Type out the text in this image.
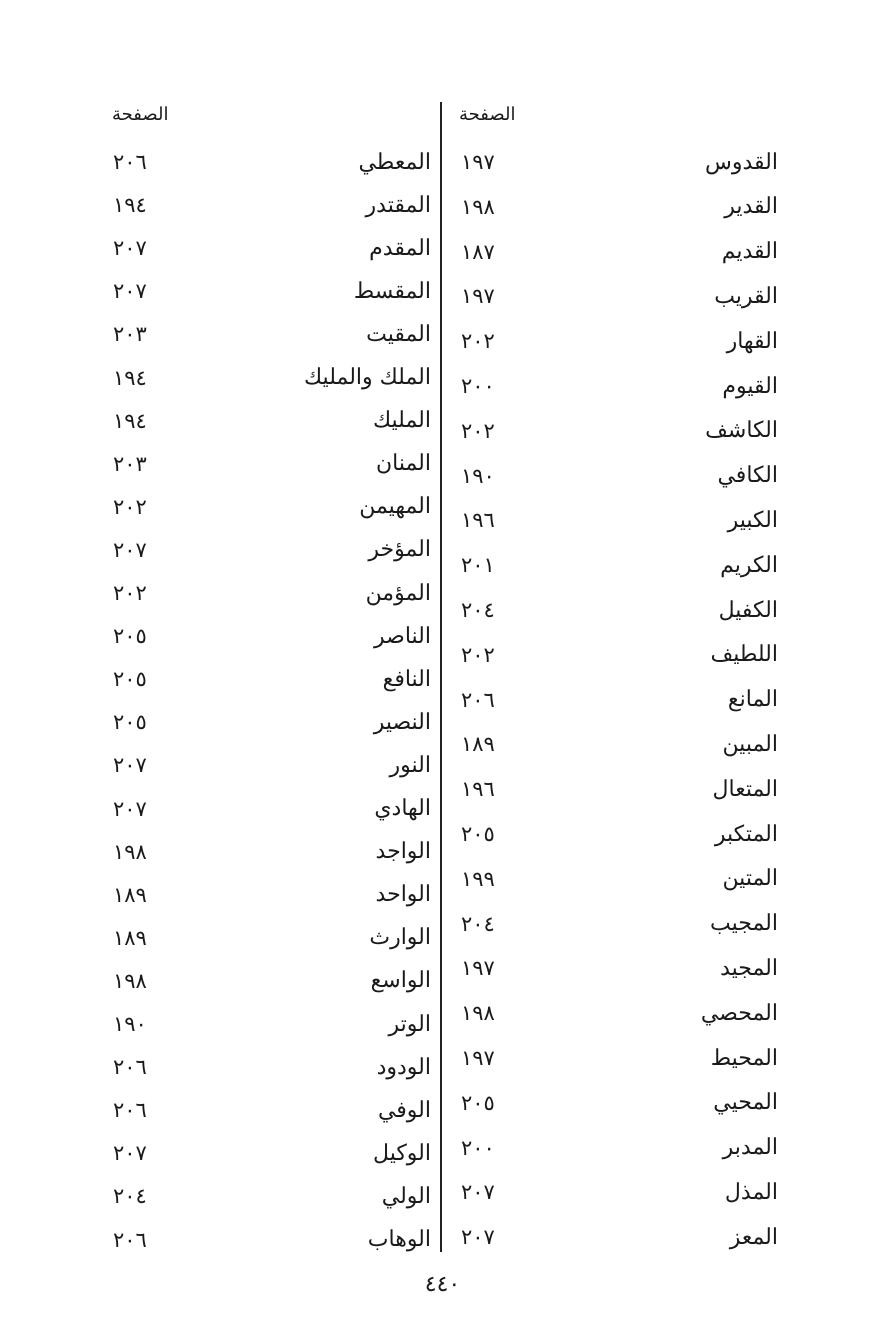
الصفحة	الصفحة
القدوس
١٩٧
القدير
١٩٨
القديم
١٨٧
القريب
١٩٧
القهار
٢٠٢
القيوم
٢٠٠
الكاشف
٢٠٢
الكافي
١٩٠
الكبير
١٩٦
الكريم
٢٠١
الكفيل
٢٠٤
اللطيف
٢٠٢
المانع
٢٠٦
المبين
١٨٩
المتعال
١٩٦
المتكبر
٢٠٥
المتين
١٩٩
المجيب
٢٠٤
المجيد
١٩٧
المحصي
١٩٨
المحيط
١٩٧
المحيي
٢٠٥
المدبر
٢٠٠
المذل
٢٠٧
المعز
٢٠٧
المعطي
٢٠٦
المقتدر
١٩٤
المقدم
٢٠٧
المقسط
٢٠٧
المقيت
٢٠٣
الملك والمليك
١٩٤
المليك
١٩٤
المنان
٢٠٣
المهيمن
٢٠٢
المؤخر
٢٠٧
المؤمن
٢٠٢
الناصر
٢٠٥
النافع
٢٠٥
النصير
٢٠٥
النور
٢٠٧
الهادي
٢٠٧
الواجد
١٩٨
الواحد
١٨٩
الوارث
١٨٩
الواسع
١٩٨
الوتر
١٩٠
الودود
٢٠٦
الوفي
٢٠٦
الوكيل
٢٠٧
الولي
٢٠٤
الوهاب
٢٠٦
٤٤٠
